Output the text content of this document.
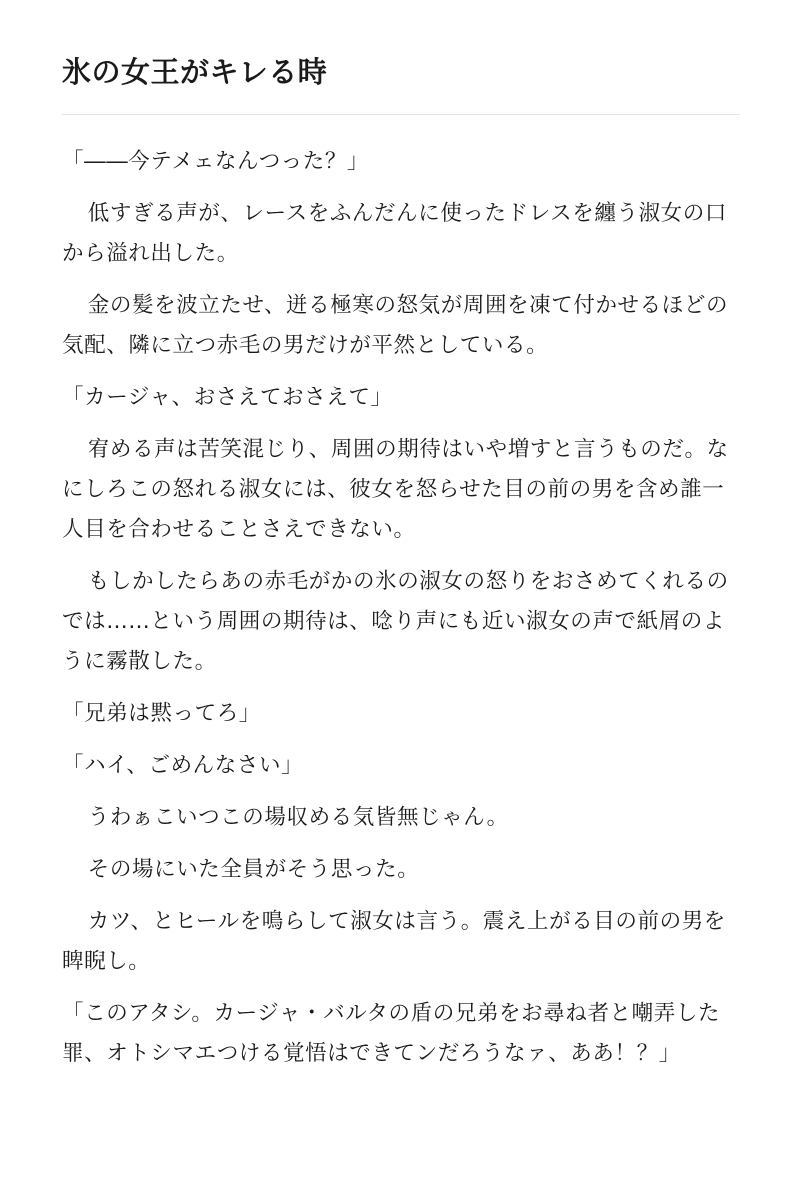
氷の女王がキレる時

「――今テメェなんつった？」

低すぎる声が、レースをふんだんに使ったドレスを纏う淑女の口から溢れ出した。

金の髪を波立たせ、迸る極寒の怒気が周囲を凍て付かせるほどの気配、隣に立つ赤毛の男だけが平然としている。

「カージャ、おさえておさえて」

宥める声は苦笑混じり、周囲の期待はいや増すと言うものだ。なにしろこの怒れる淑女には、彼女を怒らせた目の前の男を含め誰一人目を合わせることさえできない。

もしかしたらあの赤毛がかの氷の淑女の怒りをおさめてくれるのでは……という周囲の期待は、唸り声にも近い淑女の声で紙屑のように霧散した。

「兄弟は黙ってろ」

「ハイ、ごめんなさい」

うわぁこいつこの場収める気皆無じゃん。

その場にいた全員がそう思った。

カツ、とヒールを鳴らして淑女は言う。震え上がる目の前の男を睥睨し。

「このアタシ。カージャ・バルタの盾の兄弟をお尋ね者と嘲弄した罪、オトシマエつける覚悟はできてンだろうなァ、ああ！？」
